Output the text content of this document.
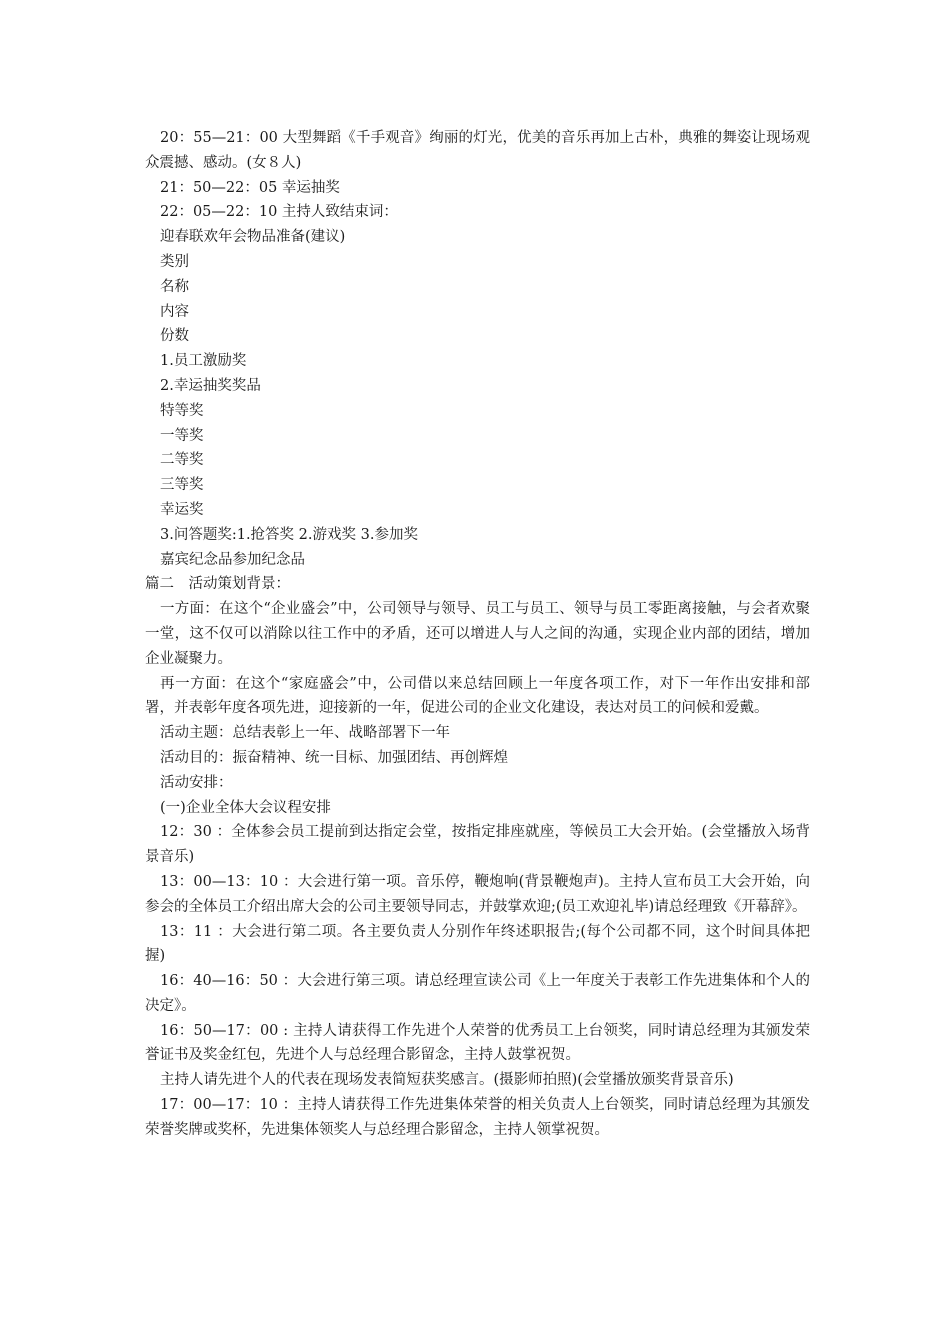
20：55—21：00 大型舞蹈《千手观音》绚丽的灯光，优美的音乐再加上古朴，典雅的舞姿让现场观众震撼、感动。(女８人)

21：50—22：05 幸运抽奖

22：05—22：10 主持人致结束词：

迎春联欢年会物品准备(建议)

类别

名称

内容

份数

1.员工激励奖

2.幸运抽奖奖品

特等奖

一等奖

二等奖

三等奖

幸运奖

3.问答题奖:1.抢答奖 2.游戏奖 3.参加奖

嘉宾纪念品参加纪念品

篇二　活动策划背景：

一方面：在这个“企业盛会”中，公司领导与领导、员工与员工、领导与员工零距离接触，与会者欢聚一堂，这不仅可以消除以往工作中的矛盾，还可以增进人与人之间的沟通，实现企业内部的团结，增加企业凝聚力。

再一方面：在这个“家庭盛会”中，公司借以来总结回顾上一年度各项工作，对下一年作出安排和部署，并表彰年度各项先进，迎接新的一年，促进公司的企业文化建设，表达对员工的问候和爱戴。

活动主题：总结表彰上一年、战略部署下一年

活动目的：振奋精神、统一目标、加强团结、再创辉煌

活动安排：

(一)企业全体大会议程安排

12：30 ：全体参会员工提前到达指定会堂，按指定排座就座，等候员工大会开始。(会堂播放入场背景音乐)

13：00—13：10 ：大会进行第一项。音乐停，鞭炮响(背景鞭炮声)。主持人宣布员工大会开始，向参会的全体员工介绍出席大会的公司主要领导同志，并鼓掌欢迎;(员工欢迎礼毕)请总经理致《开幕辞》。

13：11 ：大会进行第二项。各主要负责人分别作年终述职报告;(每个公司都不同，这个时间具体把握)

16：40—16：50 ：大会进行第三项。请总经理宣读公司《上一年度关于表彰工作先进集体和个人的决定》。

16：50—17：00 : 主持人请获得工作先进个人荣誉的优秀员工上台领奖，同时请总经理为其颁发荣誉证书及奖金红包，先进个人与总经理合影留念，主持人鼓掌祝贺。

主持人请先进个人的代表在现场发表简短获奖感言。(摄影师拍照)(会堂播放颁奖背景音乐)

17：00—17：10 ：主持人请获得工作先进集体荣誉的相关负责人上台领奖，同时请总经理为其颁发荣誉奖牌或奖杯，先进集体领奖人与总经理合影留念，主持人领掌祝贺。
